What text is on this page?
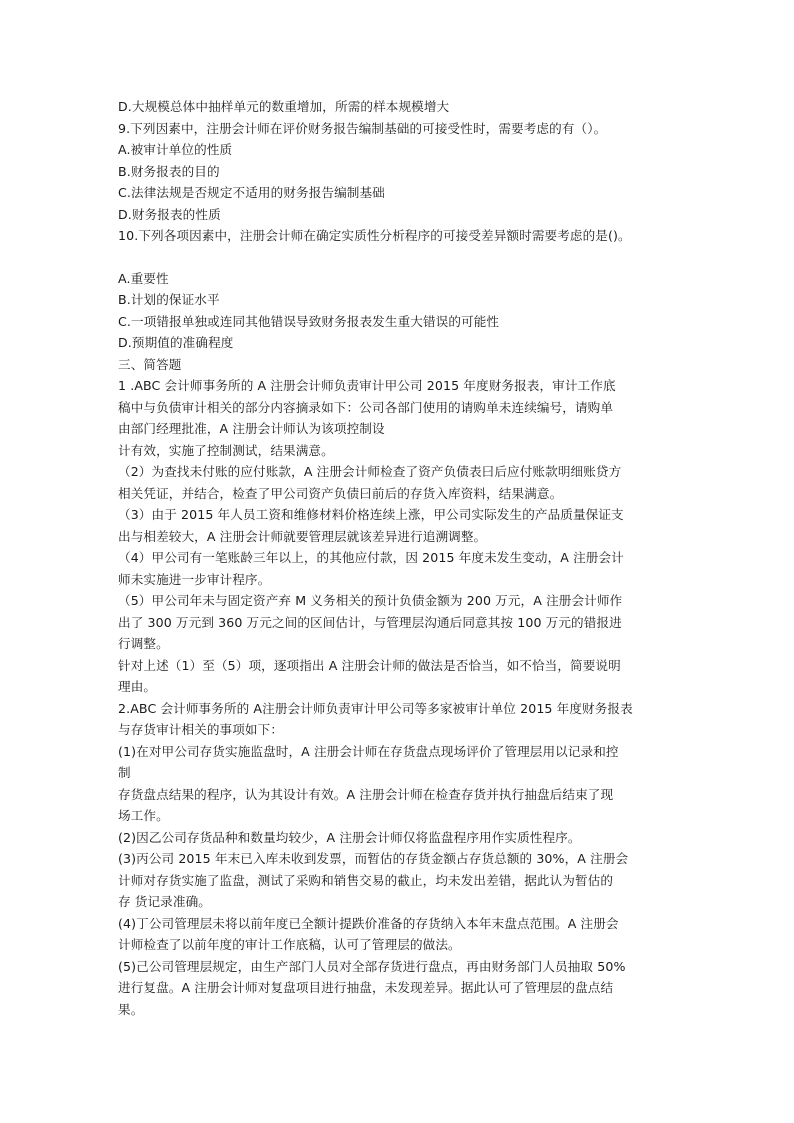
D.大规模总体中抽样单元的数重增加，所需的样本规模增大
9.下列因素中，注册会计师在评价财务报告编制基础的可接受性时，需要考虑的有（）。
A.被审计单位的性质
B.财务报表的目的
C.法律法规是否规定不适用的财务报告编制基础
D.财务报表的性质
10.下列各项因素中，注册会计师在确定实质性分析程序的可接受差异额时需要考虑的是()。
A.重要性
B.计划的保证水平
C.一项错报单独或连同其他错误导致财务报表发生重大错误的可能性
D.预期值的准确程度
三、简答题
1 .ABC 会计师事务所的 A 注册会计师负责审计甲公司 2015 年度财务报表，审计工作底
稿中与负债审计相关的部分内容摘录如下：公司各部门使用的请购单未连续编号，请购单
由部门经理批准，A 注册会计师认为该项控制设
计有效，实施了控制测试，结果满意。
（2）为查找未付账的应付账款，A 注册会计师检查了资产负债表曰后应付账款明细账贷方
相关凭证，并结合，检查了甲公司资产负债曰前后的存货入库资料，结果满意。
（3）由于 2015 年人员工资和维修材料价格连续上涨，甲公司实际发生的产品质量保证支
出与相差较大，A 注册会计师就要管理层就该差异进行追溯调整。
（4）甲公司有一笔账龄三年以上，的其他应付款，因 2015 年度未发生变动，A 注册会计
师未实施进一步审计程序。
（5）甲公司年未与固定资产弃 M 义务相关的预计负债金额为 200 万元，A 注册会计师作
出了 300 万元到 360 万元之间的区间估计，与管理层沟通后同意其按 100 万元的错报进
行调整。
针对上述（1）至（5）项，逐项指出 A 注册会计师的做法是否恰当，如不恰当，简要说明
理由。
2.ABC 会计师事务所的 A注册会计师负责审计甲公司等多家被审计单位 2015 年度财务报表
与存货审计相关的事项如下：
(1)在对甲公司存货实施监盘时，A 注册会计师在存货盘点现场评价了管理层用以记录和控
制
存货盘点结果的程序，认为其设计有效。A 注册会计师在检查存货并执行抽盘后结束了现
场工作。
(2)因乙公司存货品种和数量均较少，A 注册会计师仅将监盘程序用作实质性程序。
(3)丙公司 2015 年末已入库未收到发票，而暂估的存货金额占存货总额的 30%，A 注册会
计师对存货实施了监盘，测试了采购和销售交易的截止，均未发出差错，据此认为暂估的
存 货记录准确。
(4)丁公司管理层未将以前年度已全额计提跌价准备的存货纳入本年末盘点范围。A 注册会
计师检查了以前年度的审计工作底稿，认可了管理层的做法。
(5)己公司管理层规定，由生产部门人员对全部存货进行盘点，再由财务部门人员抽取 50%
进行复盘。A 注册会计师对复盘项目进行抽盘，未发现差异。据此认可了管理层的盘点结
果。
